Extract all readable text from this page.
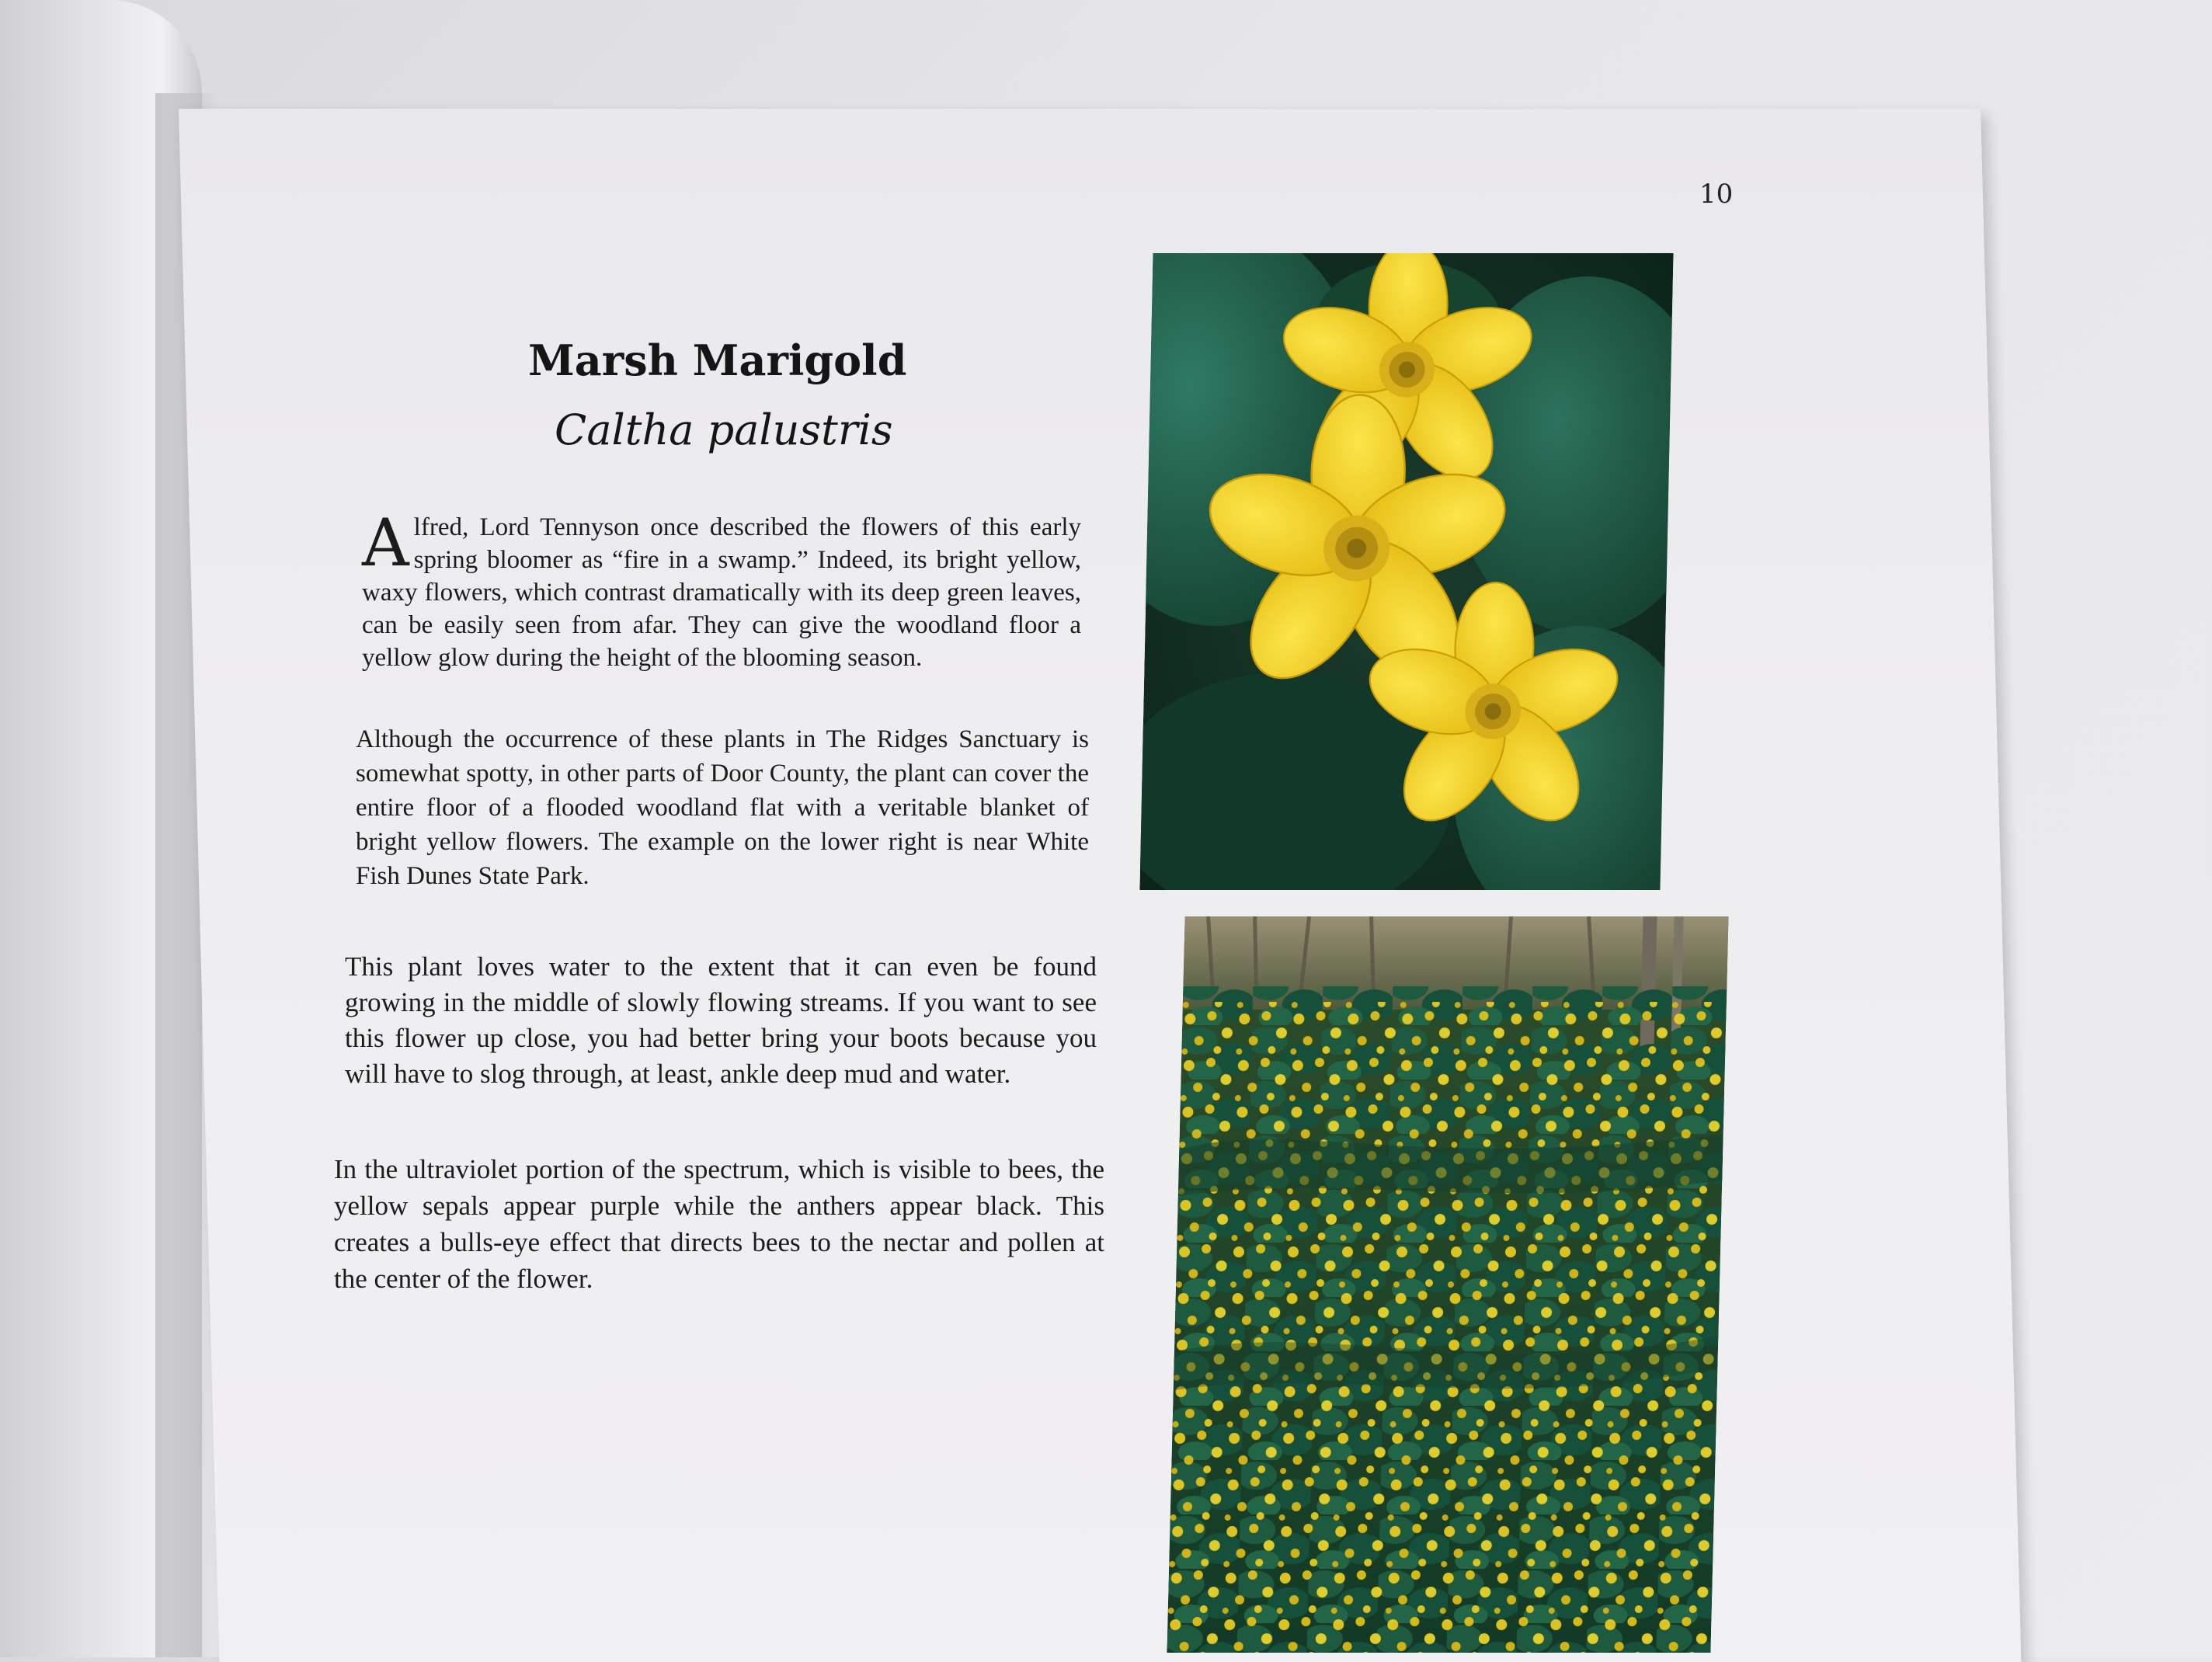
10
Marsh Marigold
Caltha palustris

Alfred, Lord Tennyson once described the flowers of this early spring bloomer as “fire in a swamp.” Indeed, its bright yellow, waxy flowers, which contrast dramatically with its deep green leaves, can be easily seen from afar. They can give the woodland floor a yellow glow during the height of the blooming season.

Although the occurrence of these plants in The Ridges Sanctuary is somewhat spotty, in other parts of Door County, the plant can cover the entire floor of a flooded woodland flat with a veritable blanket of bright yellow flowers. The example on the lower right is near White Fish Dunes State Park.

This plant loves water to the extent that it can even be found growing in the middle of slowly flowing streams. If you want to see this flower up close, you had better bring your boots because you will have to slog through, at least, ankle deep mud and water.

In the ultraviolet portion of the spectrum, which is visible to bees, the yellow sepals appear purple while the anthers appear black. This creates a bulls-eye effect that directs bees to the nectar and pollen at the center of the flower.
